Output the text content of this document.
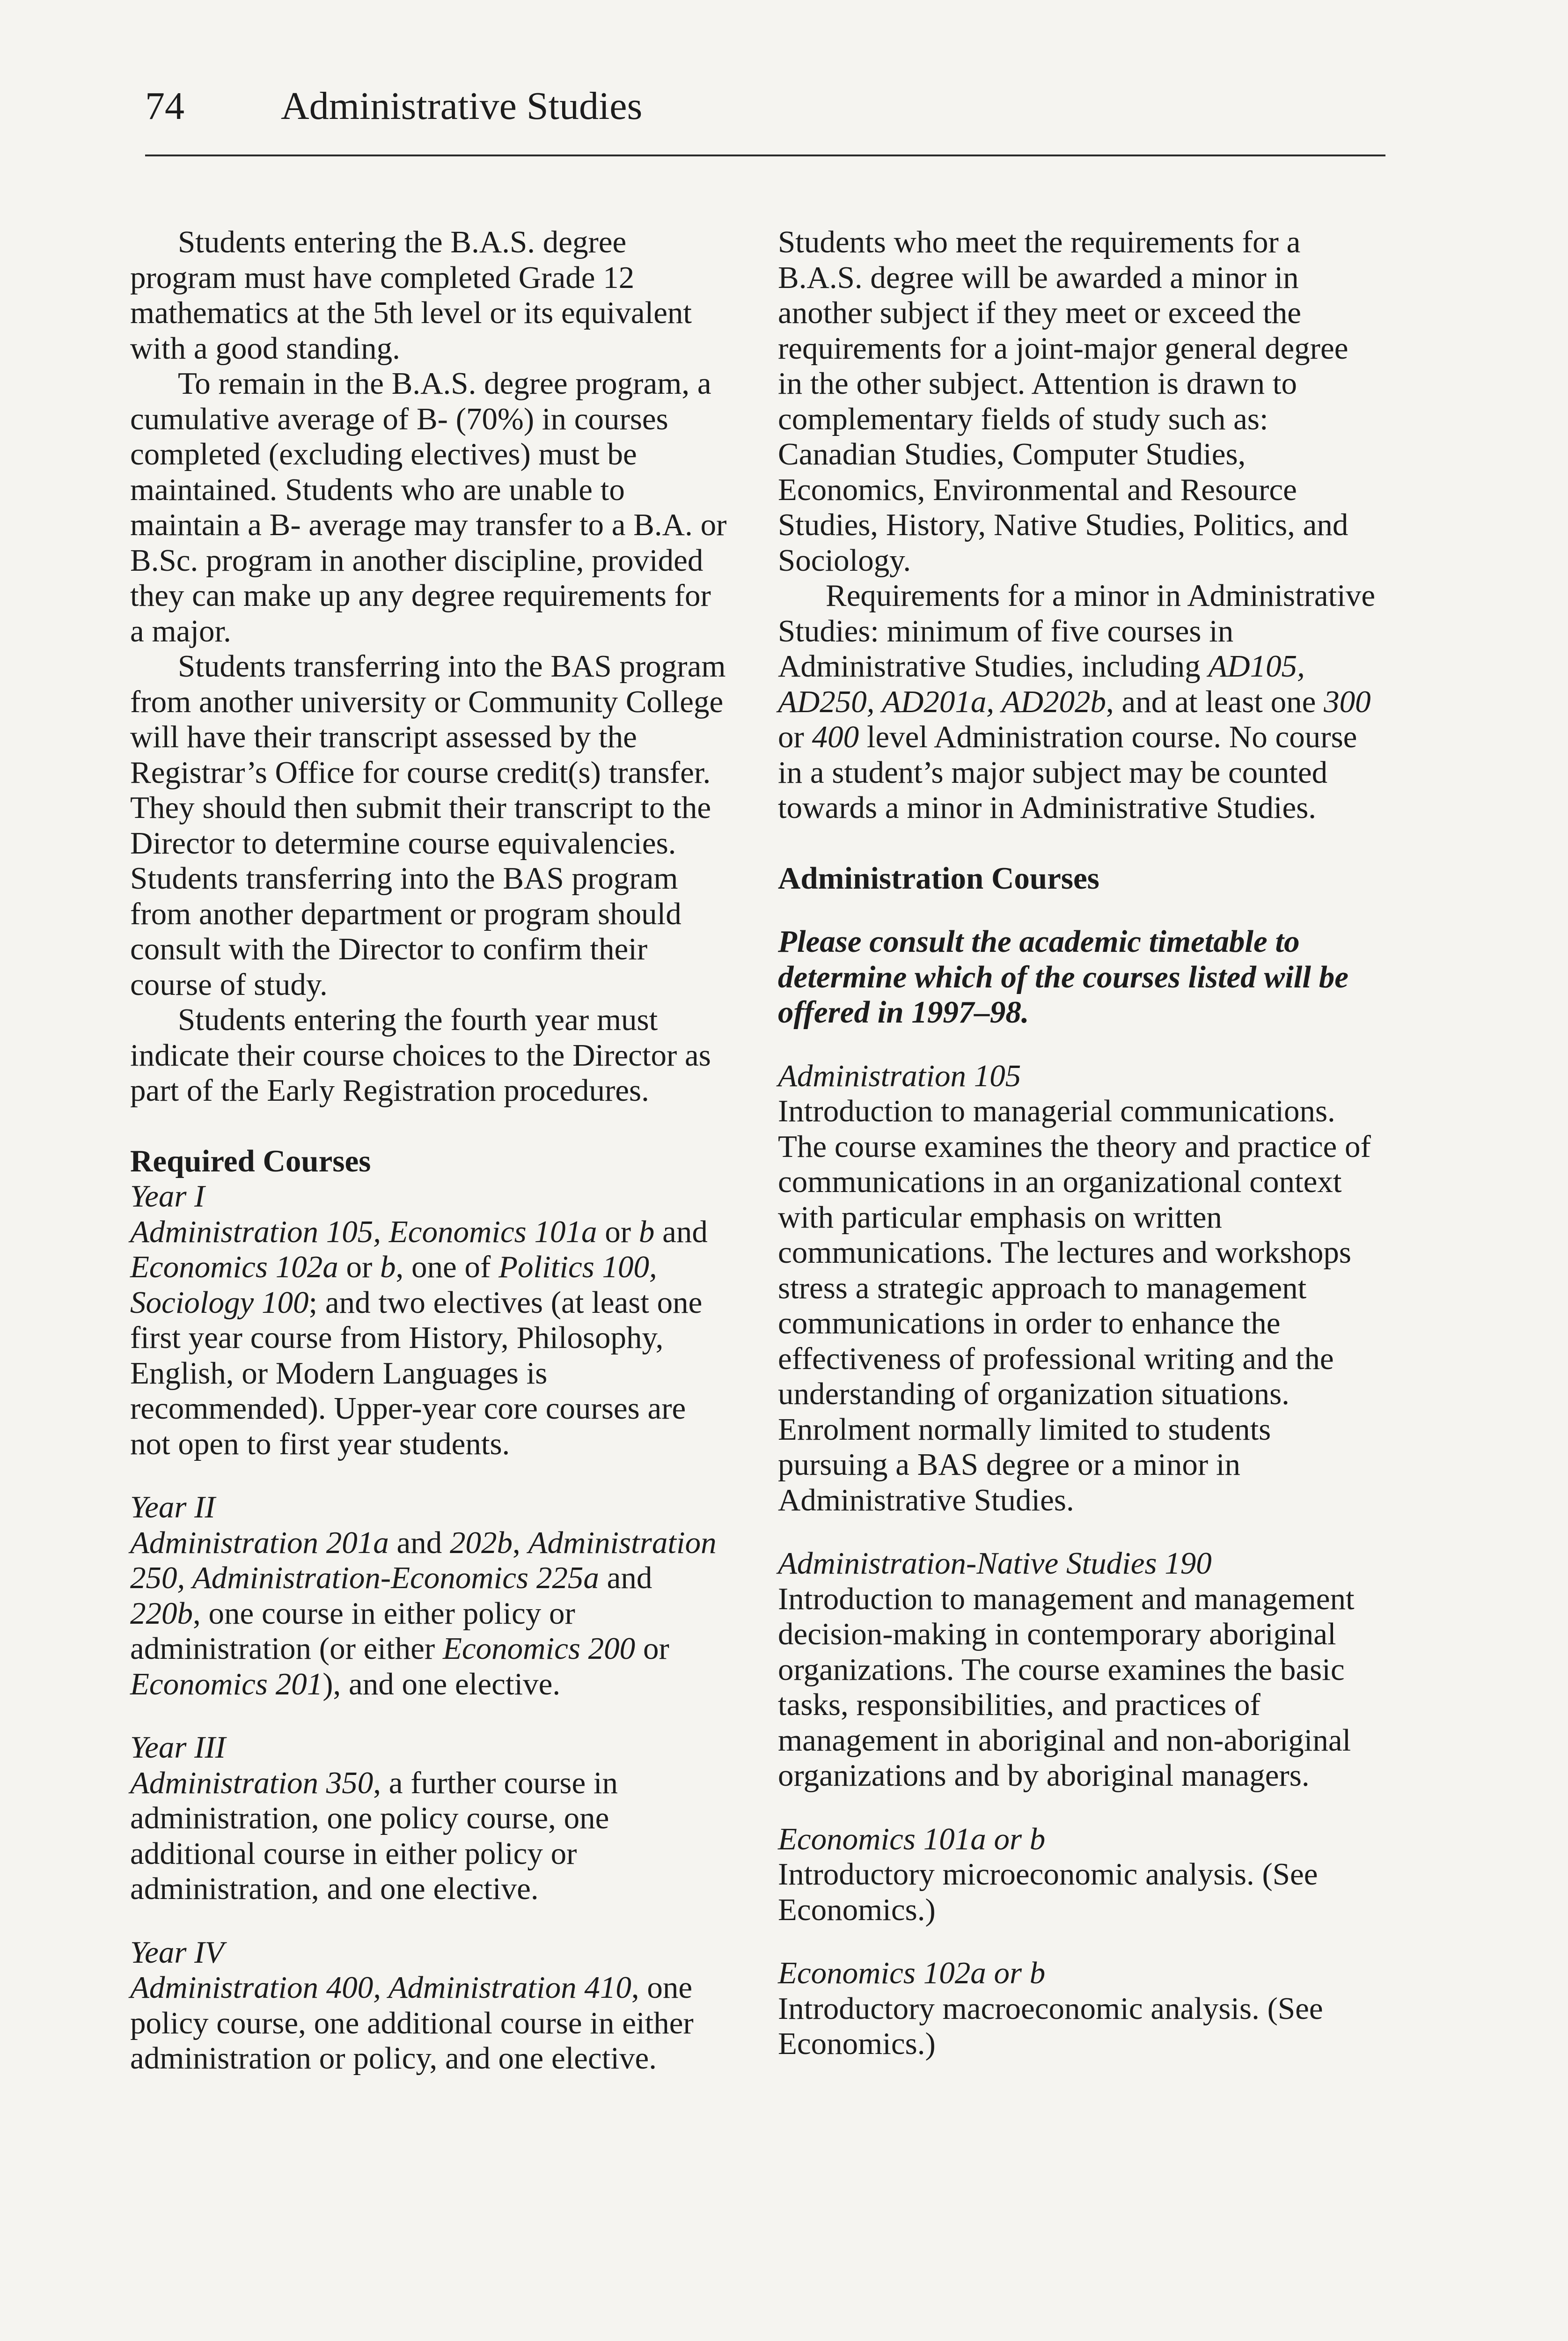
74 Administrative Studies

Students entering the B.A.S. degree program must have completed Grade 12 mathematics at the 5th level or its equivalent with a good standing.

To remain in the B.A.S. degree program, a cumulative average of B- (70%) in courses completed (excluding electives) must be maintained. Students who are unable to maintain a B- average may transfer to a B.A. or B.Sc. program in another discipline, provided they can make up any degree requirements for a major.

Students transferring into the BAS program from another university or Community College will have their transcript assessed by the Registrar’s Office for course credit(s) transfer. They should then submit their transcript to the Director to determine course equivalencies. Students transferring into the BAS program from another department or program should consult with the Director to confirm their course of study.

Students entering the fourth year must indicate their course choices to the Director as part of the Early Registration procedures.

Required Courses

Year I

Administration 105, Economics 101a or b and Economics 102a or b, one of Politics 100, Sociology 100; and two electives (at least one first year course from History, Philosophy, English, or Modern Languages is recommended). Upper-year core courses are not open to first year students.

Year II

Administration 201a and 202b, Administration 250, Administration-Economics 225a and 220b, one course in either policy or administration (or either Economics 200 or Economics 201), and one elective.

Year III

Administration 350, a further course in administration, one policy course, one additional course in either policy or administration, and one elective.

Year IV

Administration 400, Administration 410, one policy course, one additional course in either administration or policy, and one elective.

Students who meet the requirements for a B.A.S. degree will be awarded a minor in another subject if they meet or exceed the requirements for a joint-major general degree in the other subject. Attention is drawn to complementary fields of study such as: Canadian Studies, Computer Studies, Economics, Environmental and Resource Studies, History, Native Studies, Politics, and Sociology.

Requirements for a minor in Administrative Studies: minimum of five courses in Administrative Studies, including AD105, AD250, AD201a, AD202b, and at least one 300 or 400 level Administration course. No course in a student’s major subject may be counted towards a minor in Administrative Studies.

Administration Courses

Please consult the academic timetable to determine which of the courses listed will be offered in 1997–98.

Administration 105

Introduction to managerial communications. The course examines the theory and practice of communications in an organizational context with particular emphasis on written communications. The lectures and workshops stress a strategic approach to management communications in order to enhance the effectiveness of professional writing and the understanding of organization situations. Enrolment normally limited to students pursuing a BAS degree or a minor in Administrative Studies.

Administration-Native Studies 190

Introduction to management and management decision-making in contemporary aboriginal organizations. The course examines the basic tasks, responsibilities, and practices of management in aboriginal and non-aboriginal organizations and by aboriginal managers.

Economics 101a or b

Introductory microeconomic analysis. (See Economics.)

Economics 102a or b

Introductory macroeconomic analysis. (See Economics.)
